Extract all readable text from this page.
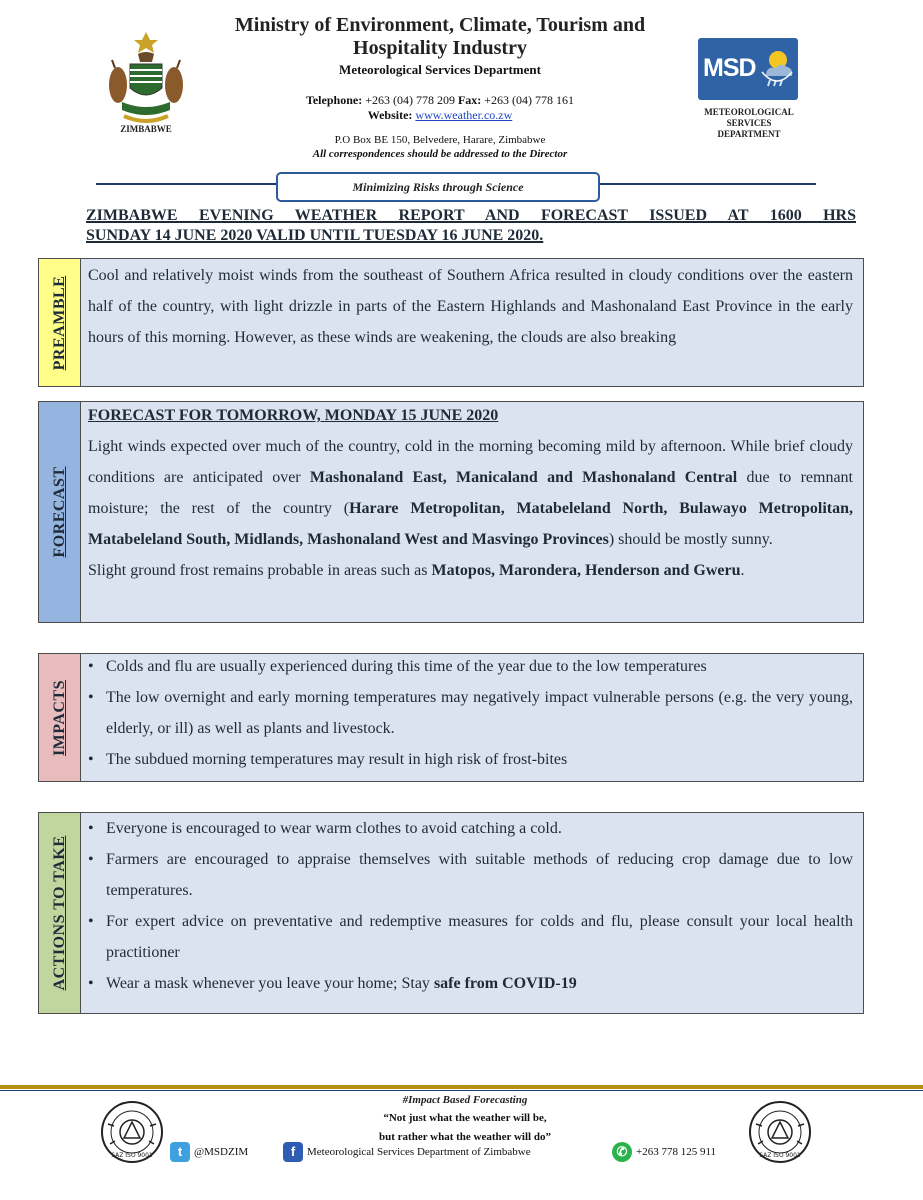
ZIMBABWE
Ministry of Environment, Climate, Tourism and
Hospitality Industry
Meteorological Services Department
Telephone: +263 (04) 778 209 Fax: +263 (04) 778 161
Website: www.weather.co.zw
P.O Box BE 150, Belvedere, Harare, Zimbabwe
All correspondences should be addressed to the Director
MSD
METEOROLOGICAL
SERVICES
DEPARTMENT
Minimizing Risks through Science
ZIMBABWE EVENING WEATHER REPORT AND FORECAST ISSUED AT 1600 HRS
SUNDAY 14 JUNE 2020 VALID UNTIL TUESDAY 16 JUNE 2020.
PREAMBLE Cool and relatively moist winds from the southeast of Southern Africa resulted in cloudy conditions over the eastern half of the country, with light drizzle in parts of the Eastern Highlands and Mashonaland East Province in the early hours of this morning. However, as these winds are weakening, the clouds are also breaking

FORECAST

FORECAST FOR TOMORROW, MONDAY 15 JUNE 2020

Light winds expected over much of the country, cold in the morning becoming mild by afternoon. While brief cloudy conditions are anticipated over Mashonaland East, Manicaland and Mashonaland Central due to remnant moisture; the rest of the country (Harare Metropolitan, Matabeleland North, Bulawayo Metropolitan, Matabeleland South, Midlands, Mashonaland West and Masvingo Provinces) should be mostly sunny.

Slight ground frost remains probable in areas such as Matopos, Marondera, Henderson and Gweru.

IMPACTS
• Colds and flu are usually experienced during this time of the year due to the low temperatures
• The low overnight and early morning temperatures may negatively impact vulnerable persons (e.g. the very young, elderly, or ill) as well as plants and livestock.
• The subdued morning temperatures may result in high risk of frost-bites
ACTIONS TO TAKE
• Everyone is encouraged to wear warm clothes to avoid catching a cold.
• Farmers are encouraged to appraise themselves with suitable methods of reducing crop damage due to low temperatures.
• For expert advice on preventative and redemptive measures for colds and flu, please consult your local health practitioner
• Wear a mask whenever you leave your home; Stay safe from COVID-19
#Impact Based Forecasting
“Not just what the weather will be,
but rather what the weather will do”
SAZ ISO 9001	SAZ ISO 9001
t @MSDZIM	f Meteorological Services Department of Zimbabwe	✆ +263 778 125 911
